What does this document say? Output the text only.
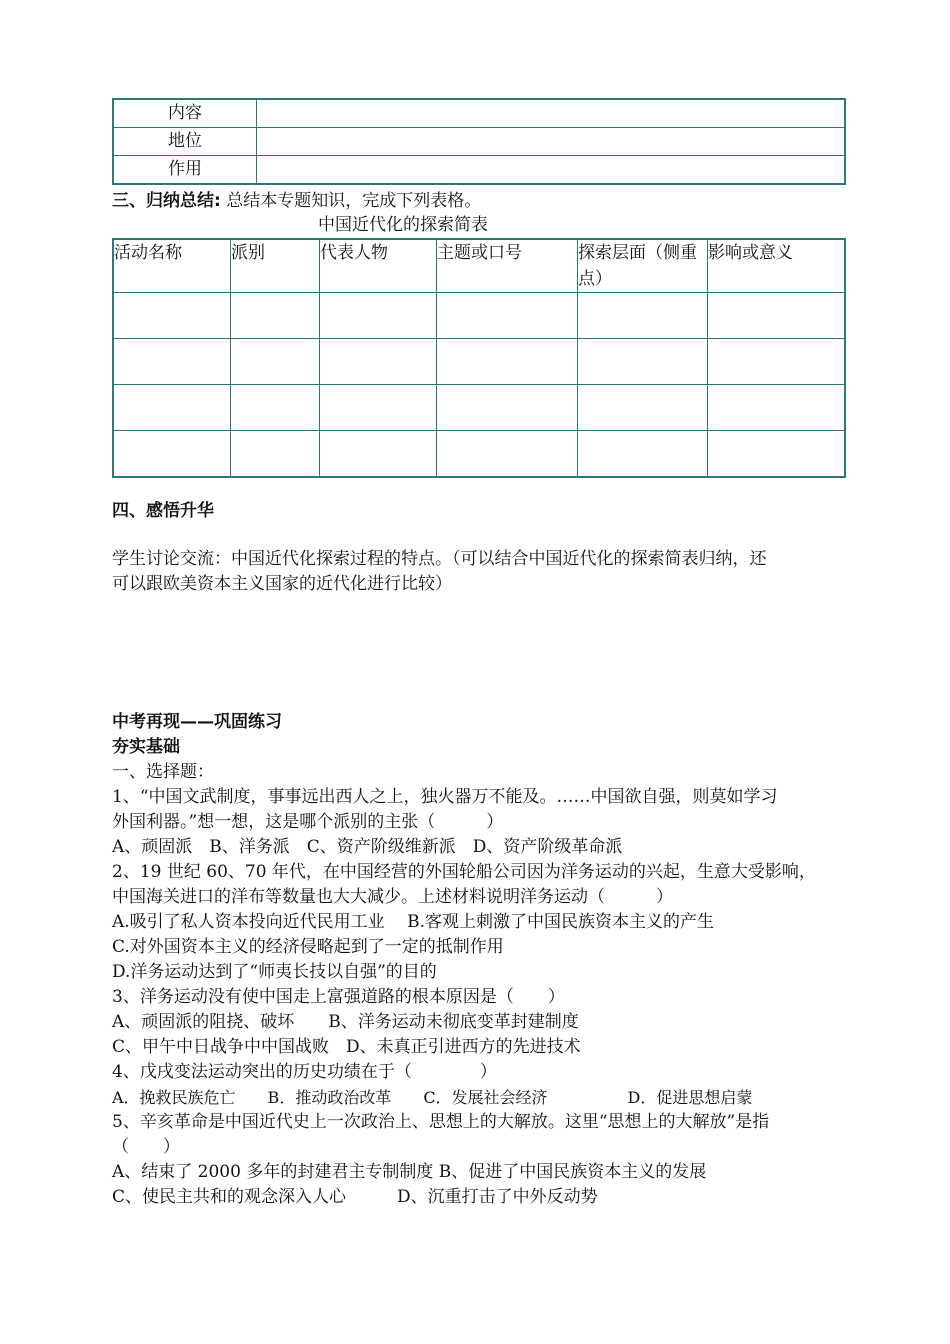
内容	
地位	
作用	
三、归纳总结: 总结本专题知识，完成下列表格。
中国近代化的探索简表
活动名称	派别	代表人物	主题或口号	探索层面（侧重点）	影响或意义

四、感悟升华
学生讨论交流：中国近代化探索过程的特点。（可以结合中国近代化的探索简表归纳，还
可以跟欧美资本主义国家的近代化进行比较）
中考再现——巩固练习
夯实基础
一、选择题：
1、“中国文武制度，事事远出西人之上，独火器万不能及。……中国欲自强，则莫如学习
外国利器。”想一想，这是哪个派别的主张（　　　）
A、顽固派　B、洋务派　C、资产阶级维新派　D、资产阶级革命派
2、19 世纪 60、70 年代，在中国经营的外国轮船公司因为洋务运动的兴起，生意大受影响，
中国海关进口的洋布等数量也大大减少。上述材料说明洋务运动（　　　）
A.吸引了私人资本投向近代民用工业　 B.客观上刺激了中国民族资本主义的产生
C.对外国资本主义的经济侵略起到了一定的抵制作用
D.洋务运动达到了“师夷长技以自强”的目的
3、洋务运动没有使中国走上富强道路的根本原因是（　　）
A、顽固派的阻挠、破坏　　B、洋务运动未彻底变革封建制度
C、甲午中日战争中中国战败　D、未真正引进西方的先进技术
4、戊戌变法运动突出的历史功绩在于（　　　　）
A．挽救民族危亡　　B．推动政治改革　　C．发展社会经济　　　　　D．促进思想启蒙
5、辛亥革命是中国近代史上一次政治上、思想上的大解放。这里“思想上的大解放”是指
（　　）
A、结束了 2000 多年的封建君主专制制度 B、促进了中国民族资本主义的发展
C、使民主共和的观念深入人心　　　D、沉重打击了中外反动势
